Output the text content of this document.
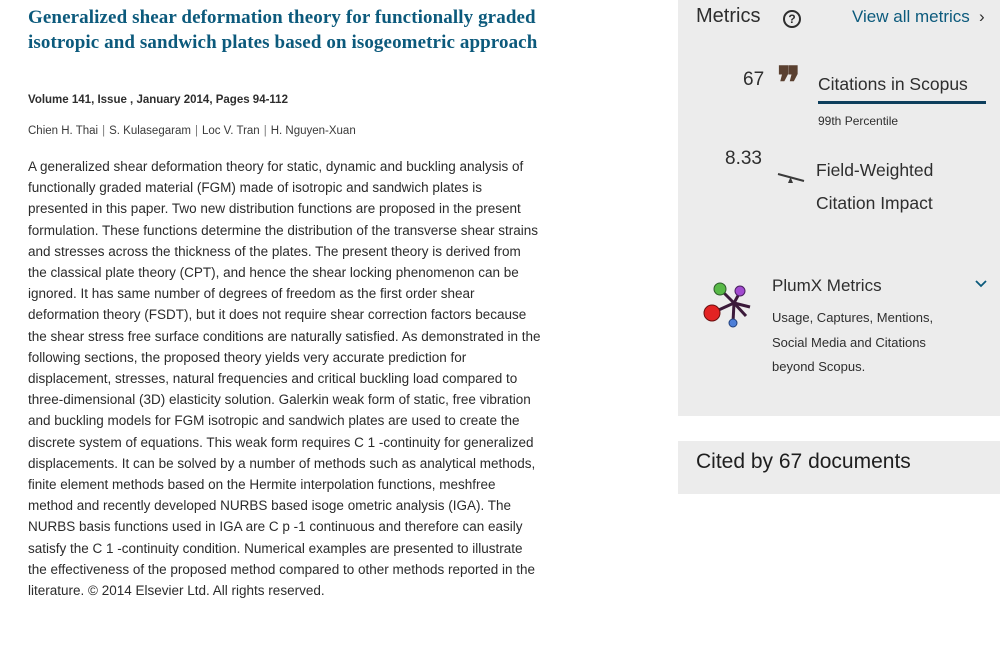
Generalized shear deformation theory for functionally graded isotropic and sandwich plates based on isogeometric approach
Volume 141, Issue , January 2014, Pages 94-112
Chien H. Thai | S. Kulasegaram | Loc V. Tran | H. Nguyen-Xuan
A generalized shear deformation theory for static, dynamic and buckling analysis of functionally graded material (FGM) made of isotropic and sandwich plates is presented in this paper. Two new distribution functions are proposed in the present formulation. These functions determine the distribution of the transverse shear strains and stresses across the thickness of the plates. The present theory is derived from the classical plate theory (CPT), and hence the shear locking phenomenon can be ignored. It has same number of degrees of freedom as the first order shear deformation theory (FSDT), but it does not require shear correction factors because the shear stress free surface conditions are naturally satisfied. As demonstrated in the following sections, the proposed theory yields very accurate prediction for displacement, stresses, natural frequencies and critical buckling load compared to three-dimensional (3D) elasticity solution. Galerkin weak form of static, free vibration and buckling models for FGM isotropic and sandwich plates are used to create the discrete system of equations. This weak form requires C 1 -continuity for generalized displacements. It can be solved by a number of methods such as analytical methods, finite element methods based on the Hermite interpolation functions, meshfree method and recently developed NURBS based isoge ometric analysis (IGA). The NURBS basis functions used in IGA are C p -1 continuous and therefore can easily satisfy the C 1 -continuity condition. Numerical examples are presented to illustrate the effectiveness of the proposed method compared to other methods reported in the literature. © 2014 Elsevier Ltd. All rights reserved.
Metrics	?	View all metrics ›
67 ❞ Citations in Scopus
99th Percentile
8.33
Field-Weighted Citation Impact
PlumX Metrics
Usage, Captures, Mentions, Social Media and Citations beyond Scopus.
Cited by 67 documents
